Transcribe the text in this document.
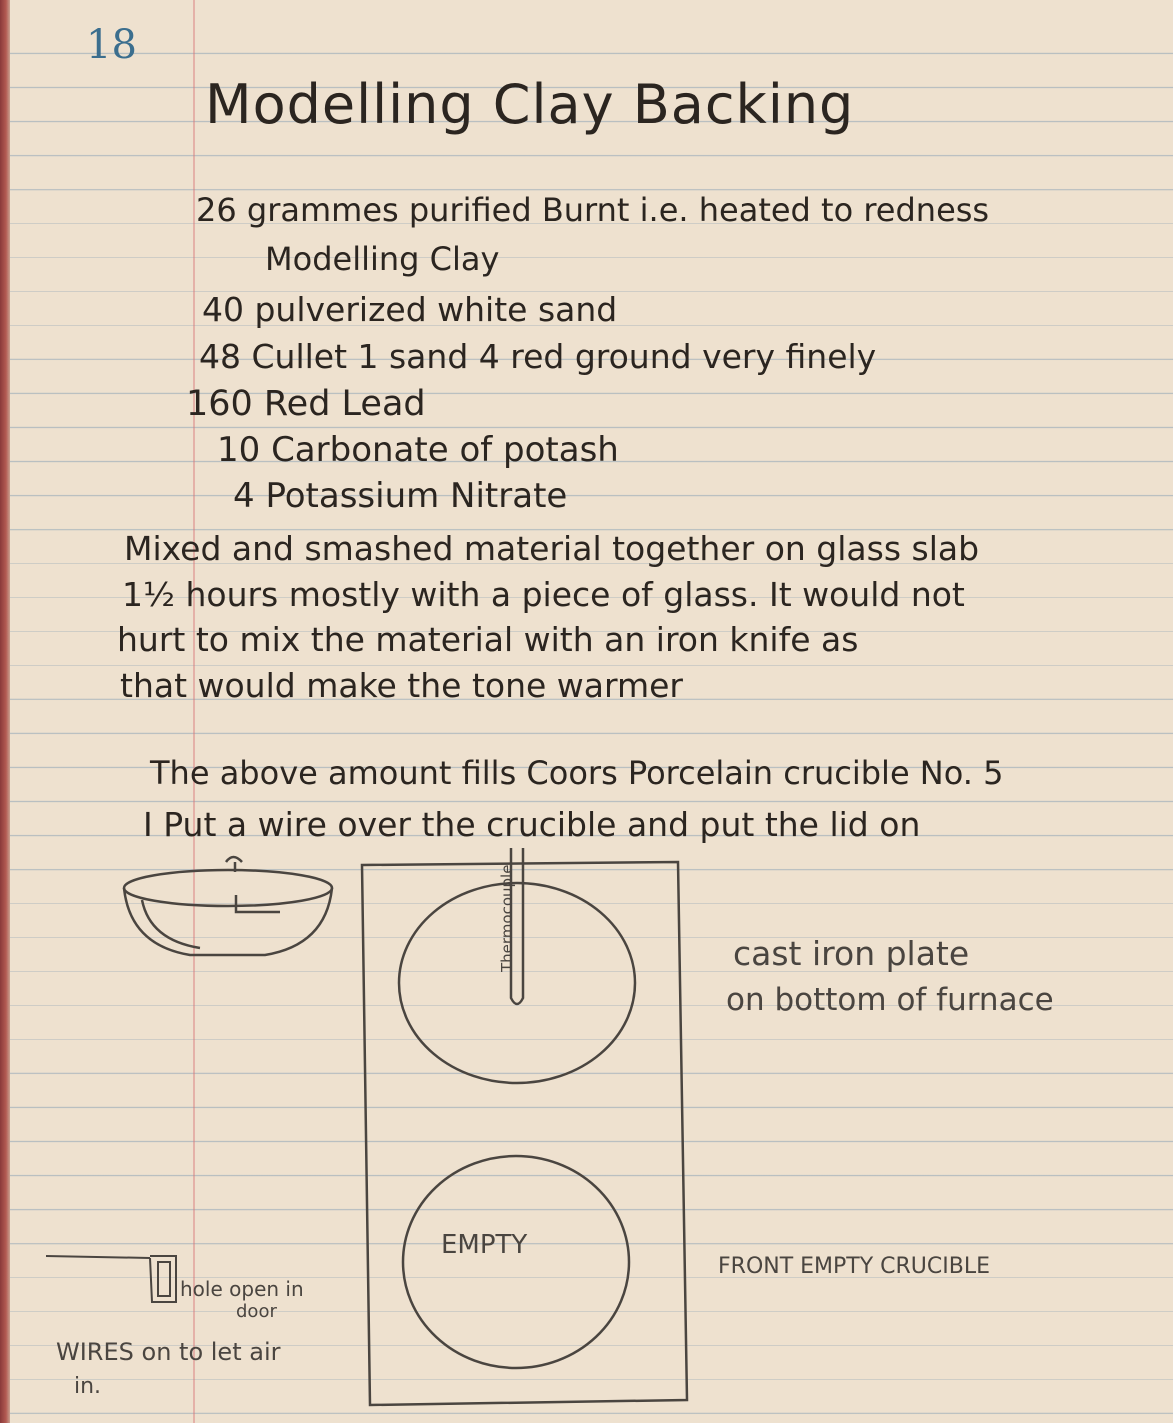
18
Modelling Clay Backing
26 grammes purified Burnt i.e. heated to redness
Modelling Clay
40 pulverized white sand
48 Cullet 1 sand 4 red ground very finely
160 Red Lead
10 Carbonate of potash
4 Potassium Nitrate
Mixed and smashed material together on glass slab
1½ hours mostly with a piece of glass. It would not
hurt to mix the material with an iron knife as
that would make the tone warmer
The above amount fills Coors Porcelain crucible No. 5
I Put a wire over the crucible and put the lid on
Thermocouple	cast iron plate
on bottom of furnace
EMPTY
FRONT EMPTY CRUCIBLE
hole open in
door
WIRES on to let air
in.
